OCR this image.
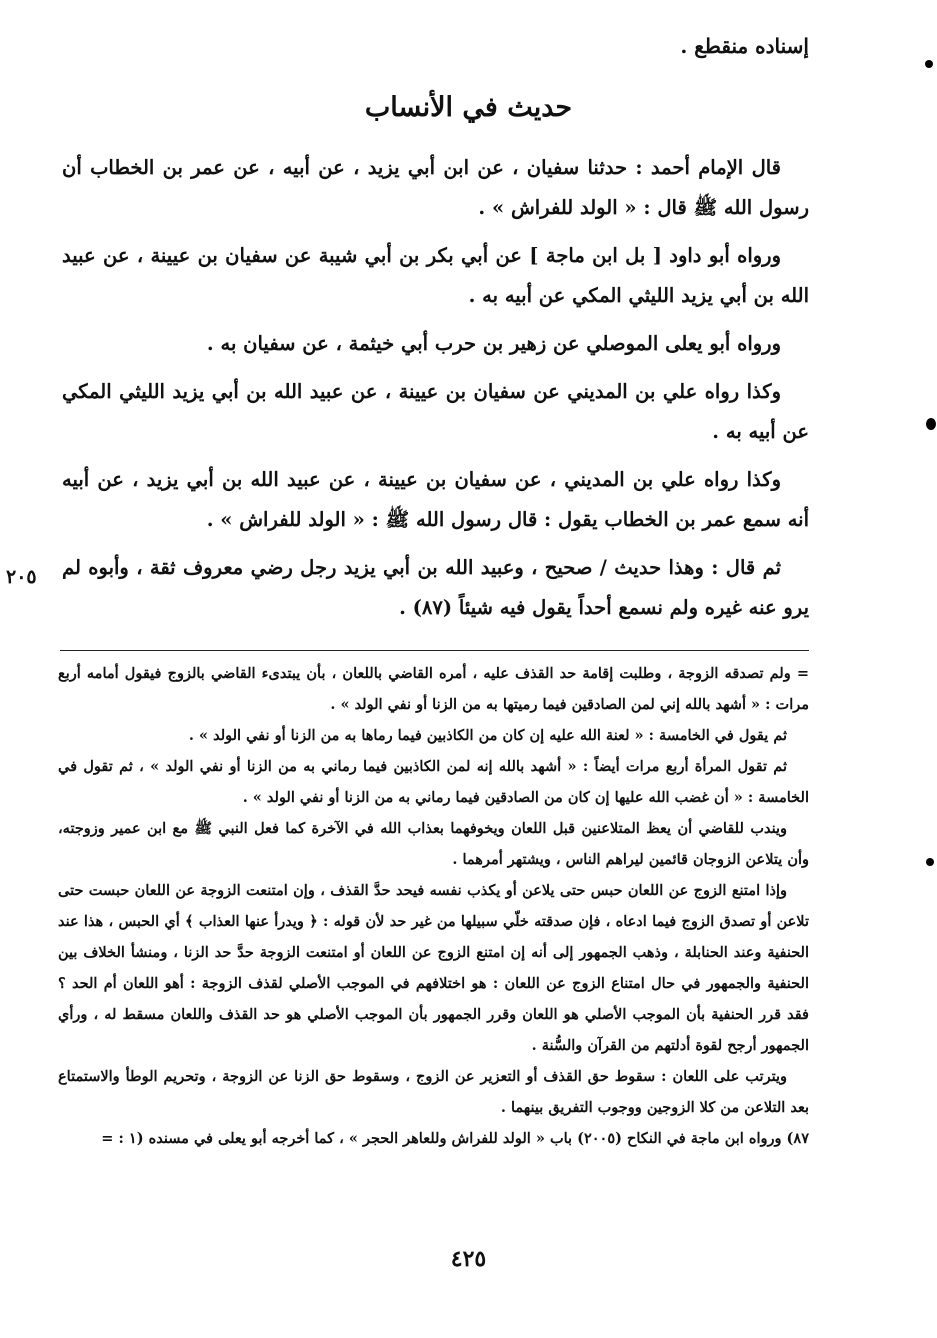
إسناده منقطع .
حديث في الأنساب
٢٠٥

قال الإمام أحمد : حدثنا سفيان ، عن ابن أبي يزيد ، عن أبيه ، عن عمر بن الخطاب أن رسول الله ﷺ قال : « الولد للفراش » .

ورواه أبو داود [ بل ابن ماجة ] عن أبي بكر بن أبي شيبة عن سفيان بن عيينة ، عن عبيد الله بن أبي يزيد الليثي المكي عن أبيه به .

ورواه أبو يعلى الموصلي عن زهير بن حرب أبي خيثمة ، عن سفيان به .

وكذا رواه علي بن المديني عن سفيان بن عيينة ، عن عبيد الله بن أبي يزيد الليثي المكي عن أبيه به .

وكذا رواه علي بن المديني ، عن سفيان بن عيينة ، عن عبيد الله بن أبي يزيد ، عن أبيه أنه سمع عمر بن الخطاب يقول : قال رسول الله ﷺ : « الولد للفراش » .

ثم قال : وهذا حديث / صحيح ، وعبيد الله بن أبي يزيد رجل رضي معروف ثقة ، وأبوه لم يرو عنه غيره ولم نسمع أحداً يقول فيه شيئاً (٨٧) .

= ولم تصدقه الزوجة ، وطلبت إقامة حد القذف عليه ، أمره القاضي باللعان ، بأن يبتدىء القاضي بالزوج فيقول أمامه أربع مرات : « أشهد بالله إني لمن الصادقين فيما رميتها به من الزنا أو نفي الولد » .

ثم يقول في الخامسة : « لعنة الله عليه إن كان من الكاذبين فيما رماها به من الزنا أو نفي الولد » .

ثم تقول المرأة أربع مرات أيضاً : « أشهد بالله إنه لمن الكاذبين فيما رماني به من الزنا أو نفي الولد » ، ثم تقول في الخامسة : « أن غضب الله عليها إن كان من الصادقين فيما رماني به من الزنا أو نفي الولد » .

ويندب للقاضي أن يعظ المتلاعنين قبل اللعان ويخوفهما بعذاب الله في الآخرة كما فعل النبي ﷺ مع ابن عمير وزوجته، وأن يتلاعن الزوجان قائمين ليراهم الناس ، ويشتهر أمرهما .

وإذا امتنع الزوج عن اللعان حبس حتى يلاعن أو يكذب نفسه فيحد حدَّ القذف ، وإن امتنعت الزوجة عن اللعان حبست حتى تلاعن أو تصدق الزوج فيما ادعاه ، فإن صدقته خلّي سبيلها من غير حد لأن قوله : ﴿ ويدرأ عنها العذاب ﴾ أي الحبس ، هذا عند الحنفية وعند الحنابلة ، وذهب الجمهور إلى أنه إن امتنع الزوج عن اللعان أو امتنعت الزوجة حدَّ حد الزنا ، ومنشأ الخلاف بين الحنفية والجمهور في حال امتناع الزوج عن اللعان : هو اختلافهم في الموجب الأصلي لقذف الزوجة : أهو اللعان أم الحد ؟ فقد قرر الحنفية بأن الموجب الأصلي هو اللعان وقرر الجمهور بأن الموجب الأصلي هو حد القذف واللعان مسقط له ، ورأي الجمهور أرجح لقوة أدلتهم من القرآن والسُّنة .

ويترتب على اللعان : سقوط حق القذف أو التعزير عن الزوج ، وسقوط حق الزنا عن الزوجة ، وتحريم الوطأ والاستمتاع بعد التلاعن من كلا الزوجين ووجوب التفريق بينهما .

٨٧) ورواه ابن ماجة في النكاح (٢٠٠٥) باب « الولد للفراش وللعاهر الحجر » ، كما أخرجه أبو يعلى في مسنده (١ : =

٤٢٥
